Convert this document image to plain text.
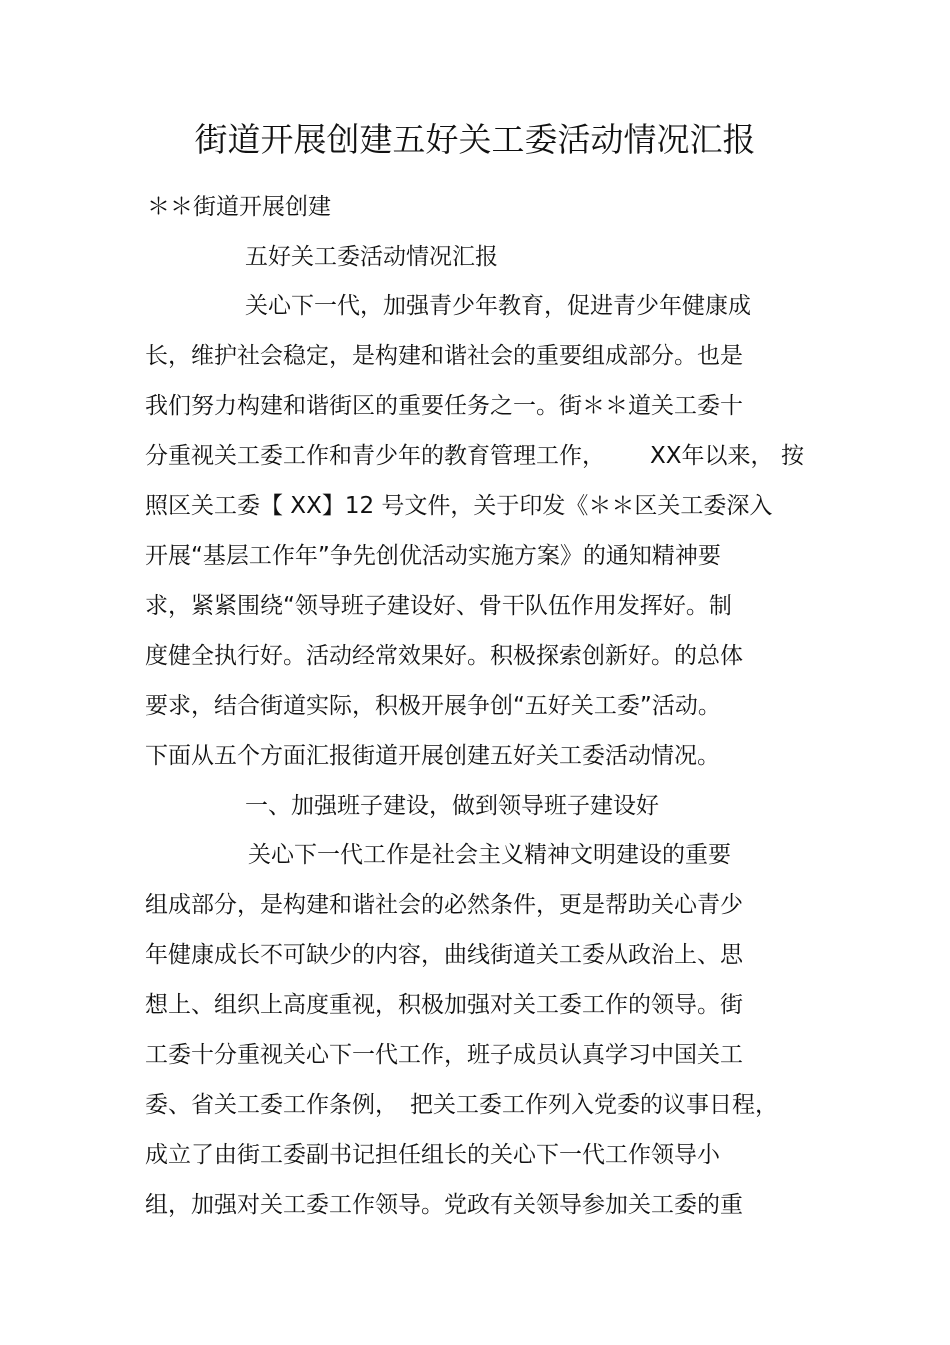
街道开展创建五好关工委活动情况汇报
＊＊街道开展创建
五好关工委活动情况汇报
关心下一代，加强青少年教育，促进青少年健康成
长，维护社会稳定，是构建和谐社会的重要组成部分。也是
我们努力构建和谐街区的重要任务之一。街＊＊道关工委十
分重视关工委工作和青少年的教育管理工作， XX年以来， 按
照区关工委【 XX】12 号文件，关于印发《＊＊区关工委深入
开展“基层工作年”争先创优活动实施方案》的通知精神要
求，紧紧围绕“领导班子建设好、骨干队伍作用发挥好。制
度健全执行好。活动经常效果好。积极探索创新好。的总体
要求，结合街道实际，积极开展争创“五好关工委”活动。
下面从五个方面汇报街道开展创建五好关工委活动情况。
一、加强班子建设，做到领导班子建设好
关心下一代工作是社会主义精神文明建设的重要
组成部分，是构建和谐社会的必然条件，更是帮助关心青少
年健康成长不可缺少的内容，曲线街道关工委从政治上、思
想上、组织上高度重视，积极加强对关工委工作的领导。街
工委十分重视关心下一代工作，班子成员认真学习中国关工
委、省关工委工作条例， 把关工委工作列入党委的议事日程，
成立了由街工委副书记担任组长的关心下一代工作领导小
组，加强对关工委工作领导。党政有关领导参加关工委的重
